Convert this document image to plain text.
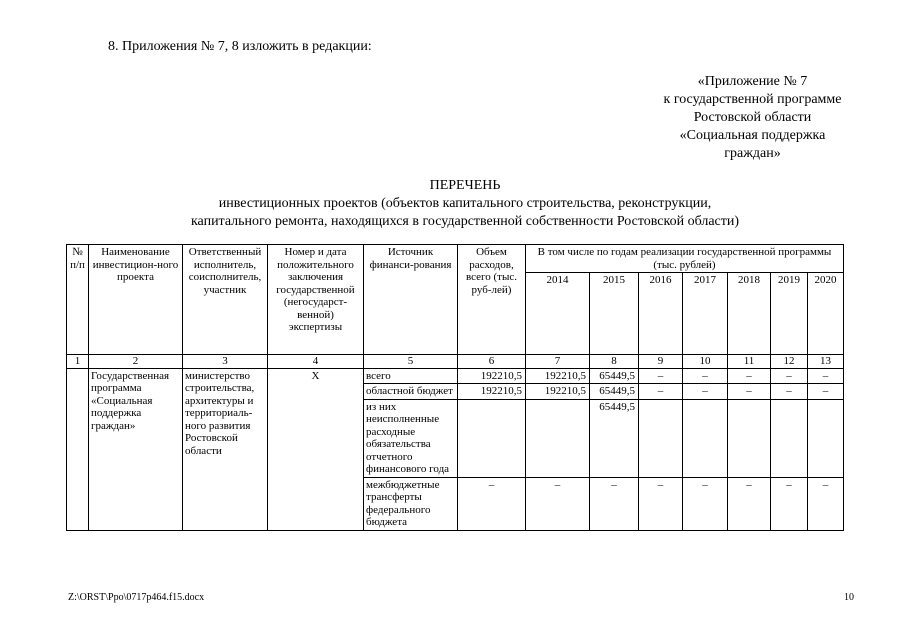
8. Приложения № 7, 8 изложить в редакции:
«Приложение № 7
к государственной программе
Ростовской области
«Социальная поддержка
граждан»
ПЕРЕЧЕНЬ
инвестиционных проектов (объектов капитального строительства, реконструкции,
капитального ремонта, находящихся в государственной собственности Ростовской области)
№ п/п	Наименование инвестицион-ного проекта	Ответственный исполнитель, соисполнитель, участник	Номер и дата положительного заключения государственной (негосударст-венной) экспертизы	Источник финанси-рования	Объем расходов, всего (тыс. руб-лей)	В том числе по годам реализации государственной программы (тыс. рублей)						
						2014	2015	2016	2017	2018	2019	2020
1	2	3	4	5	6	7	8	9	10	11	12	13
	Государственная программа «Социальная поддержка граждан»	министерство строительства, архитектуры и территориаль-ного развития Ростовской области	Х	всего	192210,5	192210,5	65449,5	–	–	–	–	–
				областной бюджет	192210,5	192210,5	65449,5	–	–	–	–	–
				из них неисполненные расходные обязательства отчетного финансового года			65449,5					
				межбюджетные трансферты федерального бюджета	–	–	–	–	–	–	–	–
Z:\ORST\Ppo\0717p464.f15.docx	10
